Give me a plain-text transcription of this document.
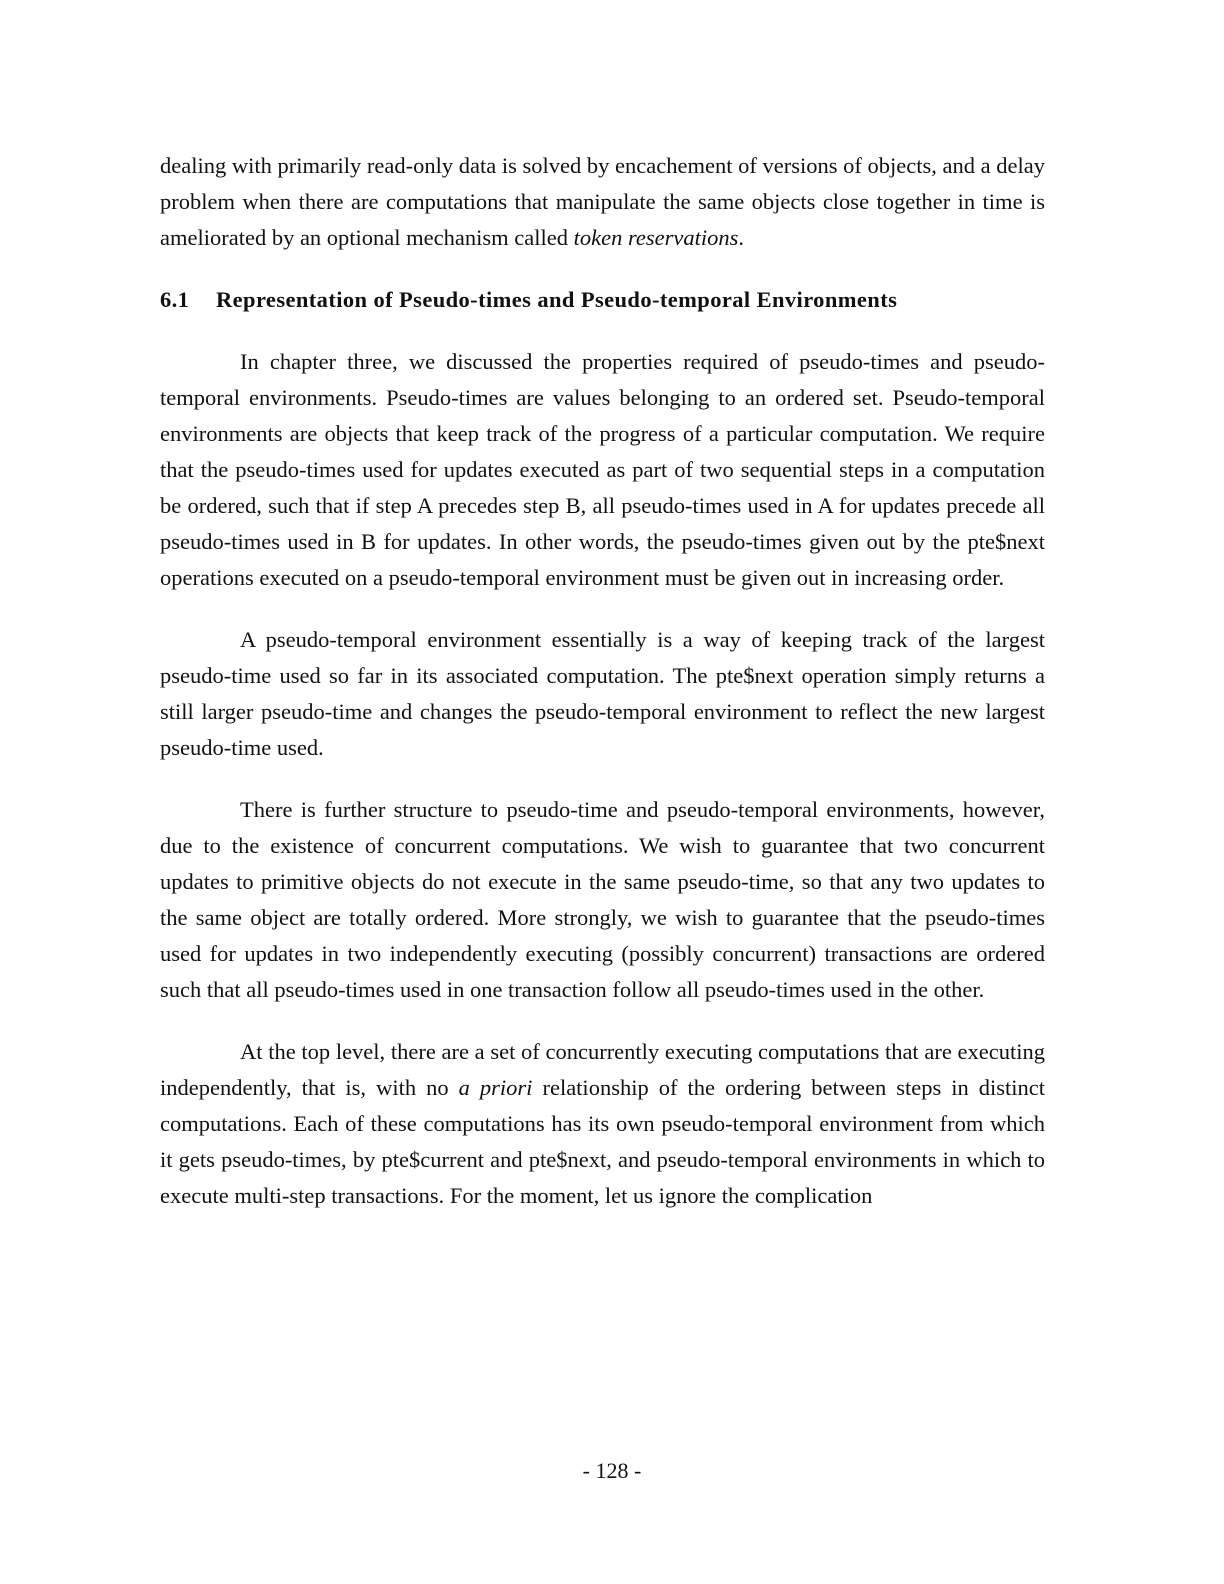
dealing with primarily read-only data is solved by encachement of versions of objects, and a delay problem when there are computations that manipulate the same objects close together in time is ameliorated by an optional mechanism called token reservations.

6.1 Representation of Pseudo-times and Pseudo-temporal Environments

In chapter three, we discussed the properties required of pseudo-times and pseudo-temporal environments. Pseudo-times are values belonging to an ordered set. Pseudo-temporal environments are objects that keep track of the progress of a particular computation. We require that the pseudo-times used for updates executed as part of two sequential steps in a computation be ordered, such that if step A precedes step B, all pseudo-times used in A for updates precede all pseudo-times used in B for updates. In other words, the pseudo-times given out by the pte$next operations executed on a pseudo-temporal environment must be given out in increasing order.

A pseudo-temporal environment essentially is a way of keeping track of the largest pseudo-time used so far in its associated computation. The pte$next operation simply returns a still larger pseudo-time and changes the pseudo-temporal environment to reflect the new largest pseudo-time used.

There is further structure to pseudo-time and pseudo-temporal environments, however, due to the existence of concurrent computations. We wish to guarantee that two concurrent updates to primitive objects do not execute in the same pseudo-time, so that any two updates to the same object are totally ordered. More strongly, we wish to guarantee that the pseudo-times used for updates in two independently executing (possibly concurrent) transactions are ordered such that all pseudo-times used in one transaction follow all pseudo-times used in the other.

At the top level, there are a set of concurrently executing computations that are executing independently, that is, with no a priori relationship of the ordering between steps in distinct computations. Each of these computations has its own pseudo-temporal environment from which it gets pseudo-times, by pte$current and pte$next, and pseudo-temporal environments in which to execute multi-step transactions. For the moment, let us ignore the complication

- 128 -
